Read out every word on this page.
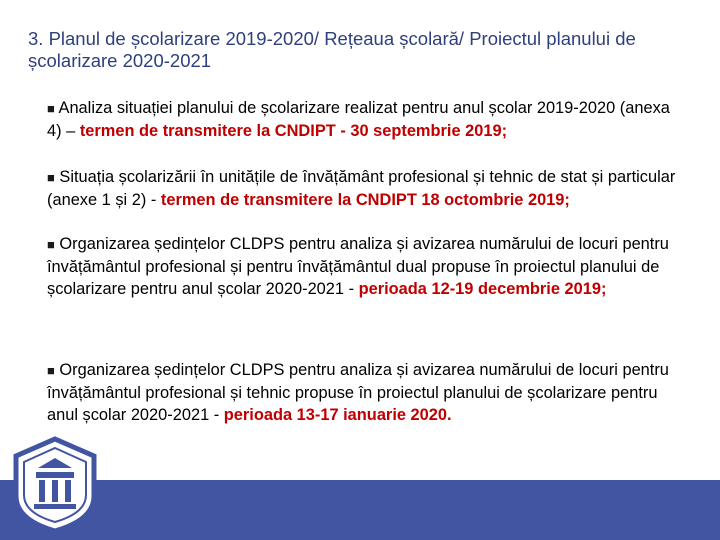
3. Planul de școlarizare 2019-2020/ Rețeaua școlară/ Proiectul planului de școlarizare 2020-2021
■ Analiza situației planului de școlarizare realizat pentru anul școlar 2019-2020 (anexa 4) – termen de transmitere la CNDIPT - 30 septembrie 2019;
■ Situația școlarizării în unitățile de învățământ profesional și tehnic de stat și particular (anexe 1 și 2) - termen de transmitere la CNDIPT 18 octombrie 2019;
■ Organizarea ședințelor CLDPS pentru analiza și avizarea numărului de locuri pentru învățământul profesional și pentru învățământul dual propuse în proiectul planului de școlarizare pentru anul școlar 2020-2021 - perioada 12-19 decembrie 2019;
■ Organizarea ședințelor CLDPS pentru analiza și avizarea numărului de locuri pentru învățământul profesional și tehnic propuse în proiectul planului de școlarizare pentru anul școlar 2020-2021 - perioada 13-17 ianuarie 2020.
